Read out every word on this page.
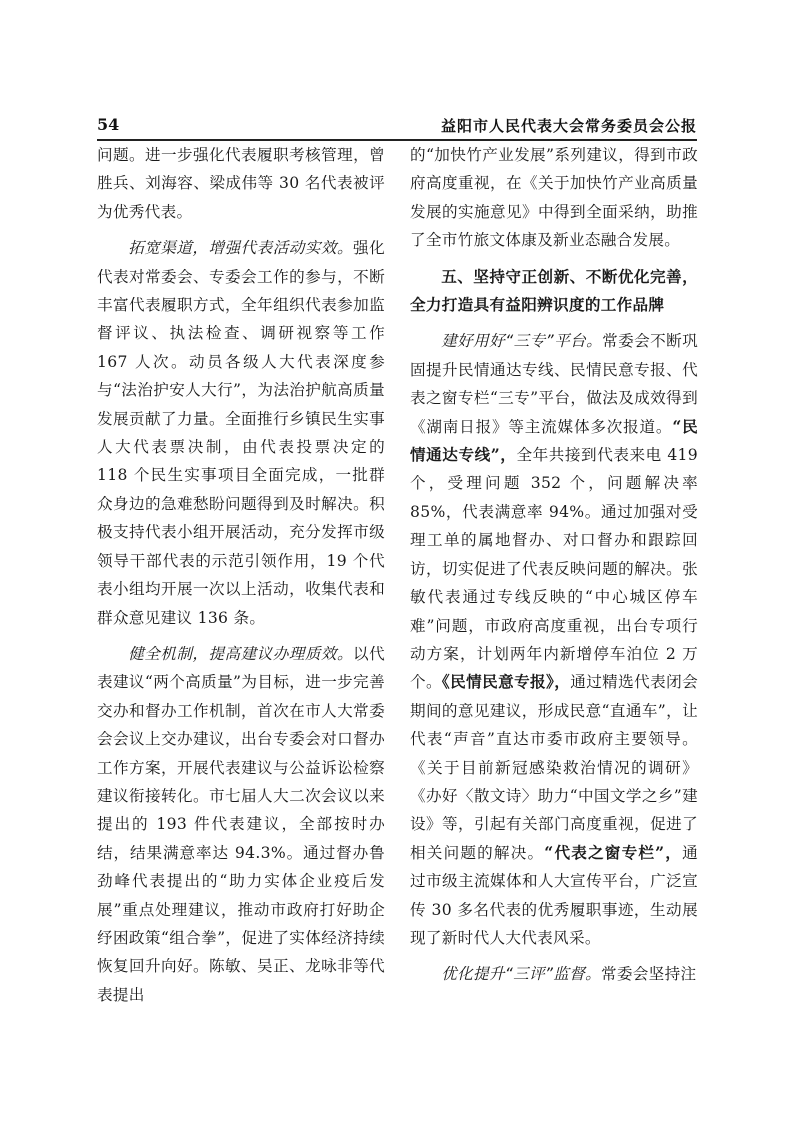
54	益阳市人民代表大会常务委员会公报

问题。进一步强化代表履职考核管理，曾胜兵、刘海容、梁成伟等 30 名代表被评为优秀代表。

拓宽渠道，增强代表活动实效。强化代表对常委会、专委会工作的参与，不断丰富代表履职方式，全年组织代表参加监督评议、执法检查、调研视察等工作 167 人次。动员各级人大代表深度参与“法治护安人大行”，为法治护航高质量发展贡献了力量。全面推行乡镇民生实事人大代表票决制，由代表投票决定的 118 个民生实事项目全面完成，一批群众身边的急难愁盼问题得到及时解决。积极支持代表小组开展活动，充分发挥市级领导干部代表的示范引领作用，19 个代表小组均开展一次以上活动，收集代表和群众意见建议 136 条。

健全机制，提高建议办理质效。以代表建议“两个高质量”为目标，进一步完善交办和督办工作机制，首次在市人大常委会会议上交办建议，出台专委会对口督办工作方案，开展代表建议与公益诉讼检察建议衔接转化。市七届人大二次会议以来提出的 193 件代表建议，全部按时办结，结果满意率达 94.3%。通过督办鲁劲峰代表提出的“助力实体企业疫后发展”重点处理建议，推动市政府打好助企纾困政策“组合拳”，促进了实体经济持续恢复回升向好。陈敏、吴正、龙咏非等代表提出

的“加快竹产业发展”系列建议，得到市政府高度重视，在《关于加快竹产业高质量发展的实施意见》中得到全面采纳，助推了全市竹旅文体康及新业态融合发展。

五、坚持守正创新、不断优化完善，全力打造具有益阳辨识度的工作品牌

建好用好“三专”平台。常委会不断巩固提升民情通达专线、民情民意专报、代表之窗专栏“三专”平台，做法及成效得到《湖南日报》等主流媒体多次报道。“民情通达专线”，全年共接到代表来电 419 个，受理问题 352 个，问题解决率 85%，代表满意率 94%。通过加强对受理工单的属地督办、对口督办和跟踪回访，切实促进了代表反映问题的解决。张敏代表通过专线反映的“中心城区停车难”问题，市政府高度重视，出台专项行动方案，计划两年内新增停车泊位 2 万个。《民情民意专报》，通过精选代表闭会期间的意见建议，形成民意“直通车”，让代表“声音”直达市委市政府主要领导。《关于目前新冠感染救治情况的调研》《办好〈散文诗〉助力“中国文学之乡”建设》等，引起有关部门高度重视，促进了相关问题的解决。“代表之窗专栏”，通过市级主流媒体和人大宣传平台，广泛宣传 30 多名代表的优秀履职事迹，生动展现了新时代人大代表风采。

优化提升“三评”监督。常委会坚持注
